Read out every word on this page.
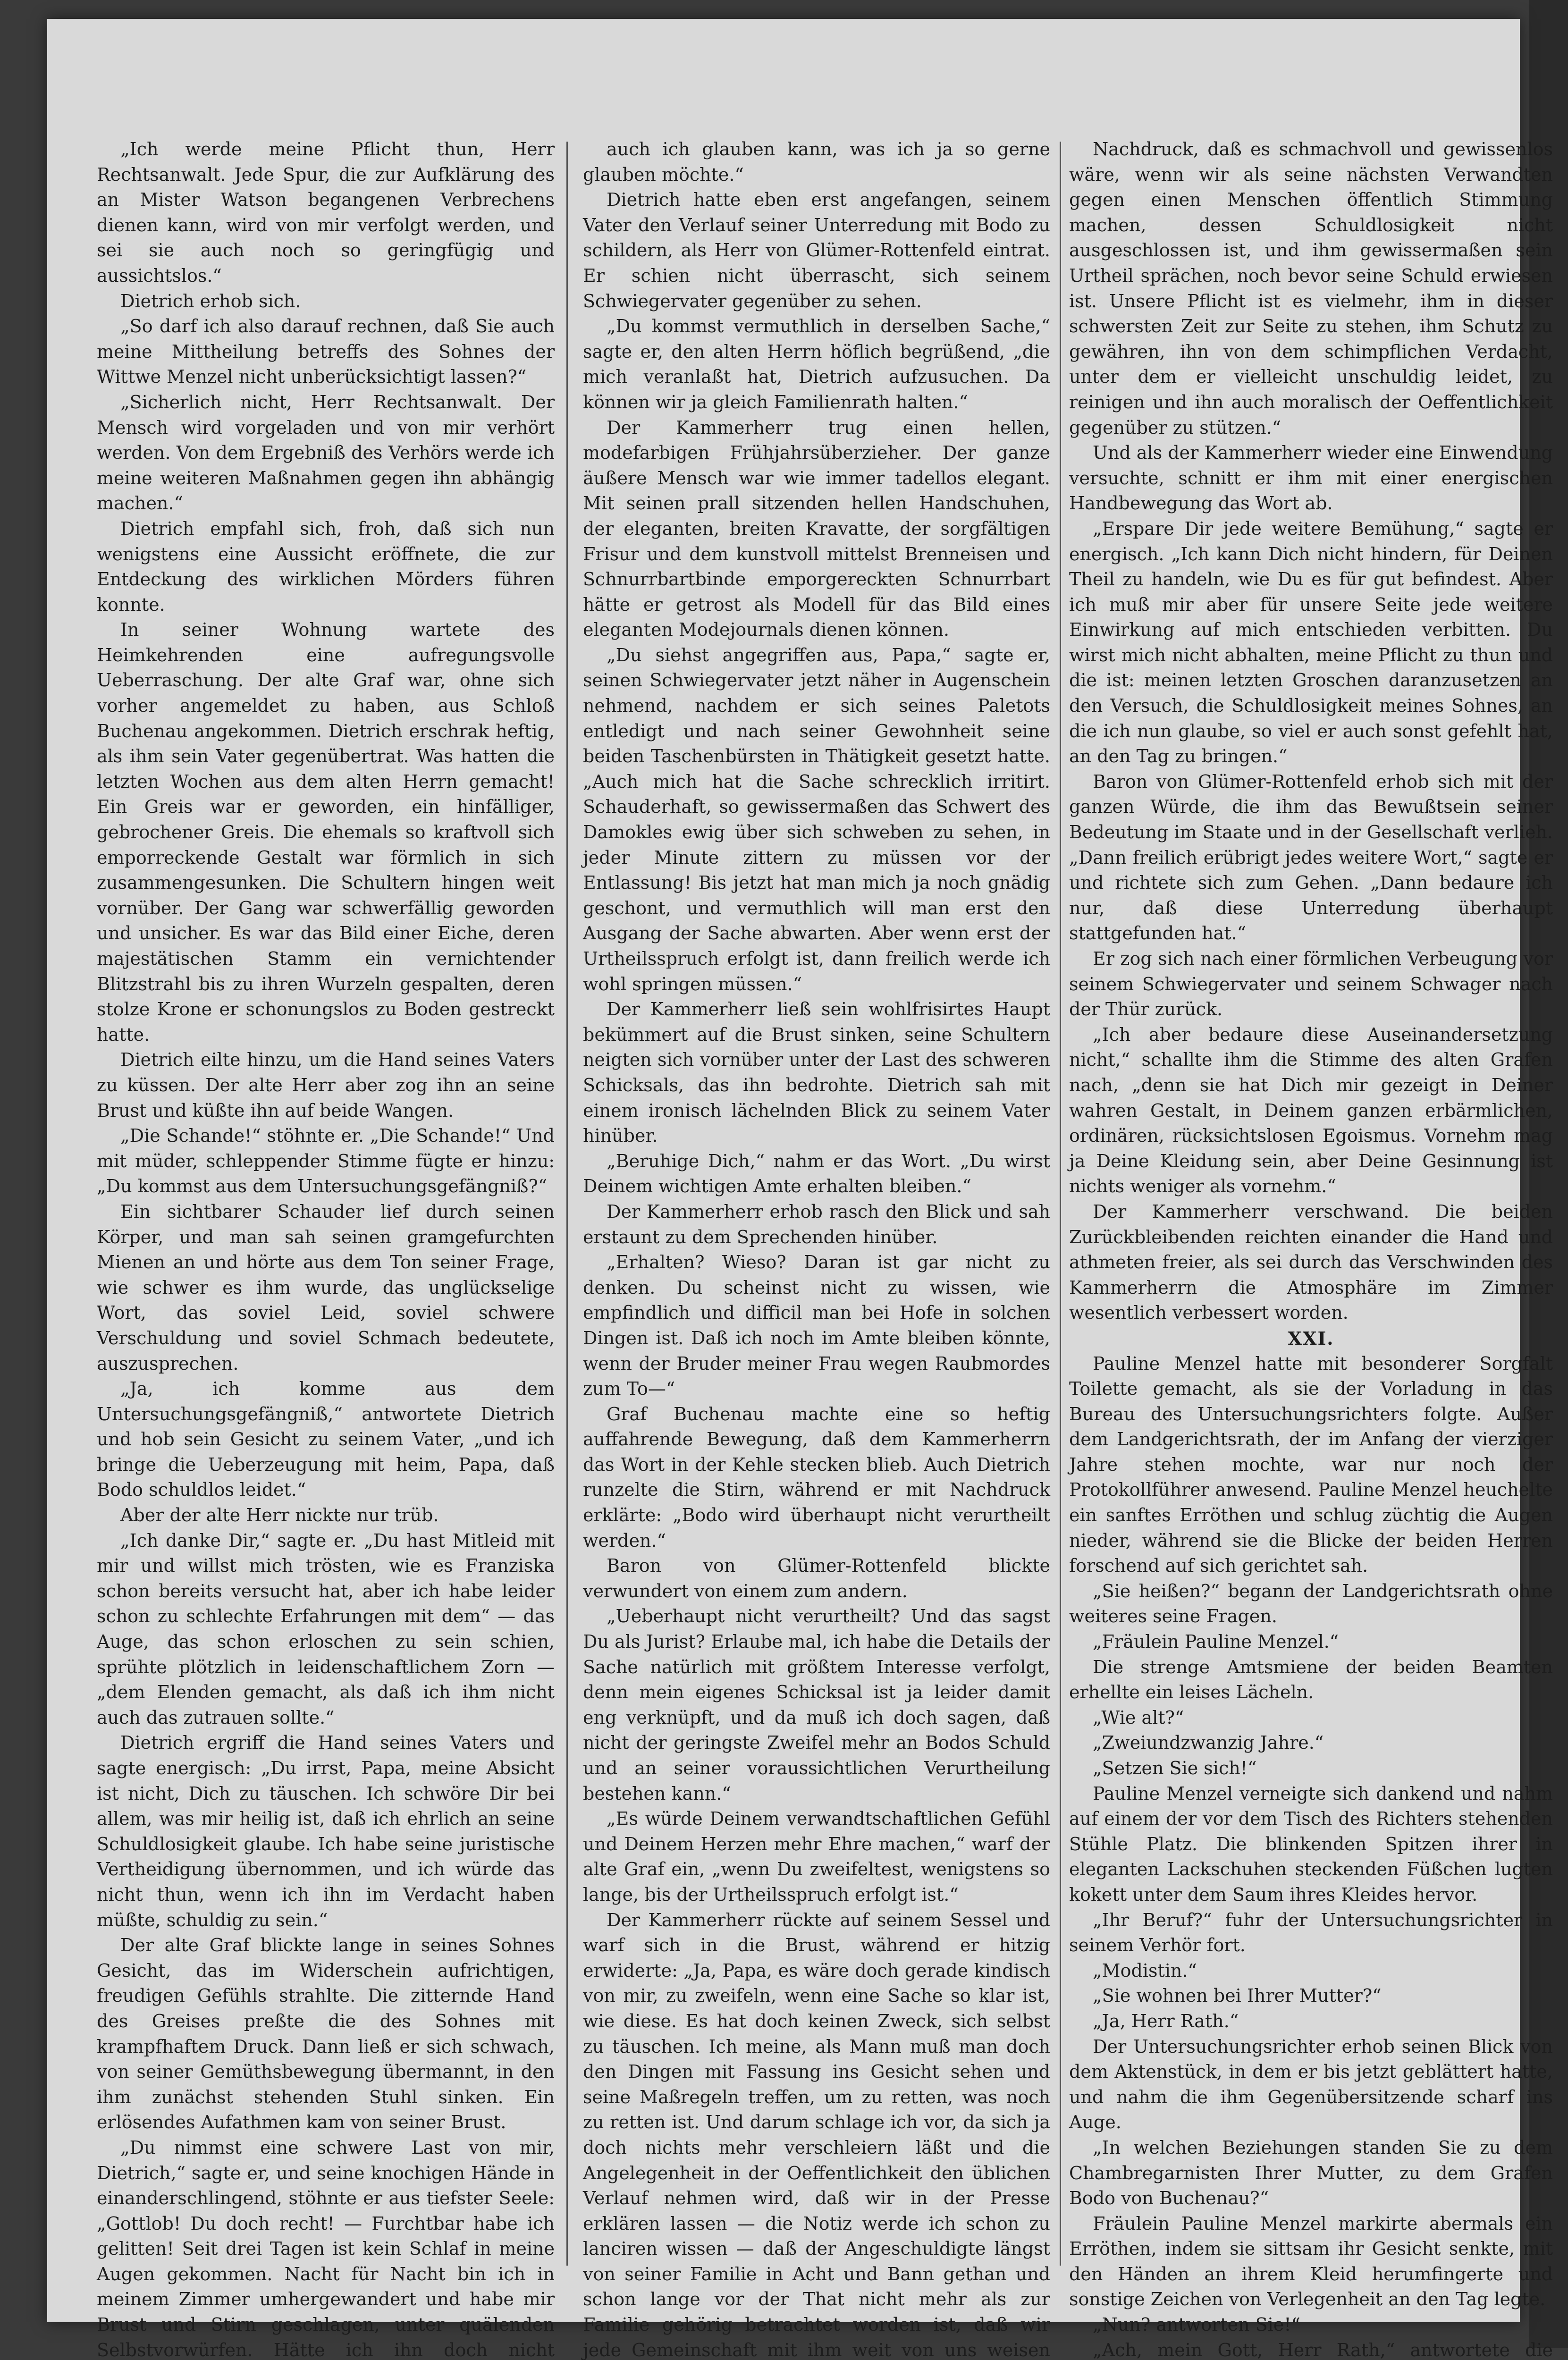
„Ich werde meine Pflicht thun, Herr Rechtsanwalt. Jede Spur, die zur Aufklärung des an Mister Watson begangenen Verbrechens dienen kann, wird von mir verfolgt werden, und sei sie auch noch so geringfügig und aussichtslos.“

Dietrich erhob sich.

„So darf ich also darauf rechnen, daß Sie auch meine Mittheilung betreffs des Sohnes der Wittwe Menzel nicht unberücksichtigt lassen?“

„Sicherlich nicht, Herr Rechtsanwalt. Der Mensch wird vorgeladen und von mir verhört werden. Von dem Ergebniß des Verhörs werde ich meine weiteren Maßnahmen gegen ihn abhängig machen.“

Dietrich empfahl sich, froh, daß sich nun wenigstens eine Aussicht eröffnete, die zur Entdeckung des wirklichen Mörders führen konnte.

In seiner Wohnung wartete des Heimkehrenden eine aufregungsvolle Ueberraschung. Der alte Graf war, ohne sich vorher angemeldet zu haben, aus Schloß Buchenau angekommen. Dietrich erschrak heftig, als ihm sein Vater gegenübertrat. Was hatten die letzten Wochen aus dem alten Herrn gemacht! Ein Greis war er geworden, ein hinfälliger, gebrochener Greis. Die ehemals so kraftvoll sich emporreckende Gestalt war förmlich in sich zusammengesunken. Die Schultern hingen weit vornüber. Der Gang war schwerfällig geworden und unsicher. Es war das Bild einer Eiche, deren majestätischen Stamm ein vernichtender Blitzstrahl bis zu ihren Wurzeln gespalten, deren stolze Krone er schonungslos zu Boden gestreckt hatte.

Dietrich eilte hinzu, um die Hand seines Vaters zu küssen. Der alte Herr aber zog ihn an seine Brust und küßte ihn auf beide Wangen.

„Die Schande!“ stöhnte er. „Die Schande!“ Und mit müder, schleppender Stimme fügte er hinzu: „Du kommst aus dem Untersuchungsgefängniß?“

Ein sichtbarer Schauder lief durch seinen Körper, und man sah seinen gramgefurchten Mienen an und hörte aus dem Ton seiner Frage, wie schwer es ihm wurde, das unglückselige Wort, das soviel Leid, soviel schwere Verschuldung und soviel Schmach bedeutete, auszusprechen.

„Ja, ich komme aus dem Untersuchungsgefängniß,“ antwortete Dietrich und hob sein Gesicht zu seinem Vater, „und ich bringe die Ueberzeugung mit heim, Papa, daß Bodo schuldlos leidet.“

Aber der alte Herr nickte nur trüb.

„Ich danke Dir,“ sagte er. „Du hast Mitleid mit mir und willst mich trösten, wie es Franziska schon bereits versucht hat, aber ich habe leider schon zu schlechte Erfahrungen mit dem“ — das Auge, das schon erloschen zu sein schien, sprühte plötzlich in leidenschaftlichem Zorn — „dem Elenden gemacht, als daß ich ihm nicht auch das zutrauen sollte.“

Dietrich ergriff die Hand seines Vaters und sagte energisch: „Du irrst, Papa, meine Absicht ist nicht, Dich zu täuschen. Ich schwöre Dir bei allem, was mir heilig ist, daß ich ehrlich an seine Schuldlosigkeit glaube. Ich habe seine juristische Vertheidigung übernommen, und ich würde das nicht thun, wenn ich ihn im Verdacht haben müßte, schuldig zu sein.“

Der alte Graf blickte lange in seines Sohnes Gesicht, das im Widerschein aufrichtigen, freudigen Gefühls strahlte. Die zitternde Hand des Greises preßte die des Sohnes mit krampfhaftem Druck. Dann ließ er sich schwach, von seiner Gemüthsbewegung übermannt, in den ihm zunächst stehenden Stuhl sinken. Ein erlösendes Aufathmen kam von seiner Brust.

„Du nimmst eine schwere Last von mir, Dietrich,“ sagte er, und seine knochigen Hände in einanderschlingend, stöhnte er aus tiefster Seele: „Gottlob! Du doch recht! — Furchtbar habe ich gelitten! Seit drei Tagen ist kein Schlaf in meine Augen gekommen. Nacht für Nacht bin ich in meinem Zimmer umhergewandert und habe mir Brust und Stirn geschlagen, unter quälenden Selbstvorwürfen. Hätte ich ihn doch nicht

auch ich glauben kann, was ich ja so gerne glauben möchte.“

Dietrich hatte eben erst angefangen, seinem Vater den Verlauf seiner Unterredung mit Bodo zu schildern, als Herr von Glümer-Rottenfeld eintrat. Er schien nicht überrascht, sich seinem Schwiegervater gegenüber zu sehen.

„Du kommst vermuthlich in derselben Sache,“ sagte er, den alten Herrn höflich begrüßend, „die mich veranlaßt hat, Dietrich aufzusuchen. Da können wir ja gleich Familienrath halten.“

Der Kammerherr trug einen hellen, modefarbigen Frühjahrsüberzieher. Der ganze äußere Mensch war wie immer tadellos elegant. Mit seinen prall sitzenden hellen Handschuhen, der eleganten, breiten Kravatte, der sorgfältigen Frisur und dem kunstvoll mittelst Brenneisen und Schnurrbartbinde emporgereckten Schnurrbart hätte er getrost als Modell für das Bild eines eleganten Modejournals dienen können.

„Du siehst angegriffen aus, Papa,“ sagte er, seinen Schwiegervater jetzt näher in Augenschein nehmend, nachdem er sich seines Paletots entledigt und nach seiner Gewohnheit seine beiden Taschenbürsten in Thätigkeit gesetzt hatte. „Auch mich hat die Sache schrecklich irritirt. Schauderhaft, so gewissermaßen das Schwert des Damokles ewig über sich schweben zu sehen, in jeder Minute zittern zu müssen vor der Entlassung! Bis jetzt hat man mich ja noch gnädig geschont, und vermuthlich will man erst den Ausgang der Sache abwarten. Aber wenn erst der Urtheilsspruch erfolgt ist, dann freilich werde ich wohl springen müssen.“

Der Kammerherr ließ sein wohlfrisirtes Haupt bekümmert auf die Brust sinken, seine Schultern neigten sich vornüber unter der Last des schweren Schicksals, das ihn bedrohte. Dietrich sah mit einem ironisch lächelnden Blick zu seinem Vater hinüber.

„Beruhige Dich,“ nahm er das Wort. „Du wirst Deinem wichtigen Amte erhalten bleiben.“

Der Kammerherr erhob rasch den Blick und sah erstaunt zu dem Sprechenden hinüber.

„Erhalten? Wieso? Daran ist gar nicht zu denken. Du scheinst nicht zu wissen, wie empfindlich und difficil man bei Hofe in solchen Dingen ist. Daß ich noch im Amte bleiben könnte, wenn der Bruder meiner Frau wegen Raubmordes zum To—“

Graf Buchenau machte eine so heftig auffahrende Bewegung, daß dem Kammerherrn das Wort in der Kehle stecken blieb. Auch Dietrich runzelte die Stirn, während er mit Nachdruck erklärte: „Bodo wird überhaupt nicht verurtheilt werden.“

Baron von Glümer-Rottenfeld blickte verwundert von einem zum andern.

„Ueberhaupt nicht verurtheilt? Und das sagst Du als Jurist? Erlaube mal, ich habe die Details der Sache natürlich mit größtem Interesse verfolgt, denn mein eigenes Schicksal ist ja leider damit eng verknüpft, und da muß ich doch sagen, daß nicht der geringste Zweifel mehr an Bodos Schuld und an seiner voraussichtlichen Verurtheilung bestehen kann.“

„Es würde Deinem verwandtschaftlichen Gefühl und Deinem Herzen mehr Ehre machen,“ warf der alte Graf ein, „wenn Du zweifeltest, wenigstens so lange, bis der Urtheilsspruch erfolgt ist.“

Der Kammerherr rückte auf seinem Sessel und warf sich in die Brust, während er hitzig erwiderte: „Ja, Papa, es wäre doch gerade kindisch von mir, zu zweifeln, wenn eine Sache so klar ist, wie diese. Es hat doch keinen Zweck, sich selbst zu täuschen. Ich meine, als Mann muß man doch den Dingen mit Fassung ins Gesicht sehen und seine Maßregeln treffen, um zu retten, was noch zu retten ist. Und darum schlage ich vor, da sich ja doch nichts mehr verschleiern läßt und die Angelegenheit in der Oeffentlichkeit den üblichen Verlauf nehmen wird, daß wir in der Presse erklären lassen — die Notiz werde ich schon zu lanciren wissen — daß der Angeschuldigte längst von seiner Familie in Acht und Bann gethan und schon lange vor der That nicht mehr als zur Familie gehörig betrachtet worden ist, daß wir jede Gemeinschaft mit ihm weit von uns weisen

Nachdruck, daß es schmachvoll und gewissenlos wäre, wenn wir als seine nächsten Verwandten gegen einen Menschen öffentlich Stimmung machen, dessen Schuldlosigkeit nicht ausgeschlossen ist, und ihm gewissermaßen sein Urtheil sprächen, noch bevor seine Schuld erwiesen ist. Unsere Pflicht ist es vielmehr, ihm in dieser schwersten Zeit zur Seite zu stehen, ihm Schutz zu gewähren, ihn von dem schimpflichen Verdacht, unter dem er vielleicht unschuldig leidet, zu reinigen und ihn auch moralisch der Oeffentlichkeit gegenüber zu stützen.“

Und als der Kammerherr wieder eine Einwendung versuchte, schnitt er ihm mit einer energischen Handbewegung das Wort ab.

„Erspare Dir jede weitere Bemühung,“ sagte er energisch. „Ich kann Dich nicht hindern, für Deinen Theil zu handeln, wie Du es für gut befindest. Aber ich muß mir aber für unsere Seite jede weitere Einwirkung auf mich entschieden verbitten. Du wirst mich nicht abhalten, meine Pflicht zu thun und die ist: meinen letzten Groschen daranzusetzen an den Versuch, die Schuldlosigkeit meines Sohnes, an die ich nun glaube, so viel er auch sonst gefehlt hat, an den Tag zu bringen.“

Baron von Glümer-Rottenfeld erhob sich mit der ganzen Würde, die ihm das Bewußtsein seiner Bedeutung im Staate und in der Gesellschaft verlieh. „Dann freilich erübrigt jedes weitere Wort,“ sagte er und richtete sich zum Gehen. „Dann bedaure ich nur, daß diese Unterredung überhaupt stattgefunden hat.“

Er zog sich nach einer förmlichen Verbeugung vor seinem Schwiegervater und seinem Schwager nach der Thür zurück.

„Ich aber bedaure diese Auseinandersetzung nicht,“ schallte ihm die Stimme des alten Grafen nach, „denn sie hat Dich mir gezeigt in Deiner wahren Gestalt, in Deinem ganzen erbärmlichen, ordinären, rücksichtslosen Egoismus. Vornehm mag ja Deine Kleidung sein, aber Deine Gesinnung ist nichts weniger als vornehm.“

Der Kammerherr verschwand. Die beiden Zurückbleibenden reichten einander die Hand und athmeten freier, als sei durch das Verschwinden des Kammerherrn die Atmosphäre im Zimmer wesentlich verbessert worden.

XXI.

Pauline Menzel hatte mit besonderer Sorgfalt Toilette gemacht, als sie der Vorladung in das Bureau des Untersuchungsrichters folgte. Außer dem Landgerichtsrath, der im Anfang der vierziger Jahre stehen mochte, war nur noch der Protokollführer anwesend. Pauline Menzel heuchelte ein sanftes Erröthen und schlug züchtig die Augen nieder, während sie die Blicke der beiden Herren forschend auf sich gerichtet sah.

„Sie heißen?“ begann der Landgerichtsrath ohne weiteres seine Fragen.

„Fräulein Pauline Menzel.“

Die strenge Amtsmiene der beiden Beamten erhellte ein leises Lächeln.

„Wie alt?“

„Zweiundzwanzig Jahre.“

„Setzen Sie sich!“

Pauline Menzel verneigte sich dankend und nahm auf einem der vor dem Tisch des Richters stehenden Stühle Platz. Die blinkenden Spitzen ihrer in eleganten Lackschuhen steckenden Füßchen lugten kokett unter dem Saum ihres Kleides hervor.

„Ihr Beruf?“ fuhr der Untersuchungsrichter in seinem Verhör fort.

„Modistin.“

„Sie wohnen bei Ihrer Mutter?“

„Ja, Herr Rath.“

Der Untersuchungsrichter erhob seinen Blick von dem Aktenstück, in dem er bis jetzt geblättert hatte, und nahm die ihm Gegenübersitzende scharf ins Auge.

„In welchen Beziehungen standen Sie zu dem Chambregarnisten Ihrer Mutter, zu dem Grafen Bodo von Buchenau?“

Fräulein Pauline Menzel markirte abermals ein Erröthen, indem sie sittsam ihr Gesicht senkte, mit den Händen an ihrem Kleid herumfingerte und sonstige Zeichen von Verlegenheit an den Tag legte.

„Nun? antworten Sie!“

„Ach, mein Gott, Herr Rath,“ antwortete die
